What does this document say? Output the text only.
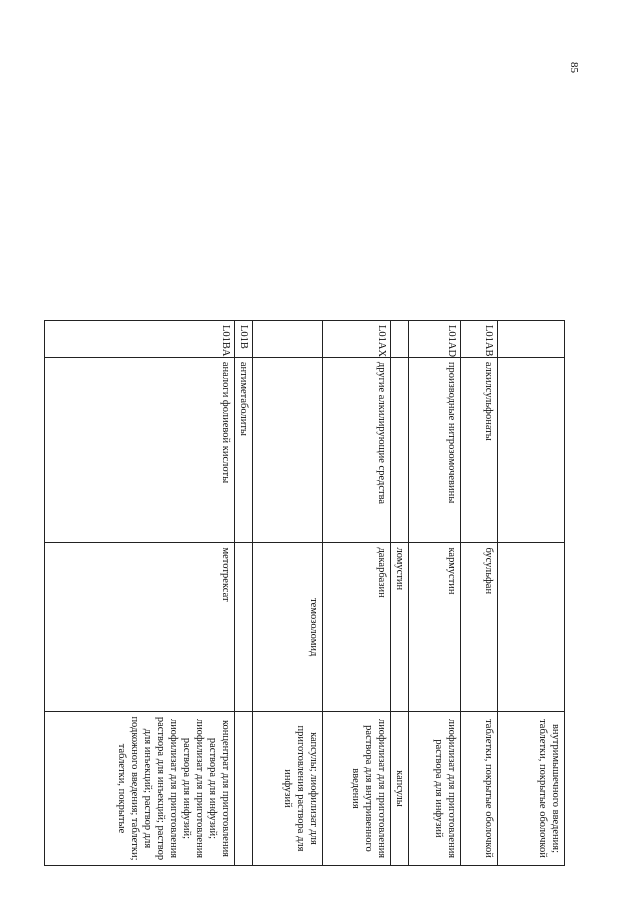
85
			внутримышечного введения; таблетки, покрытые оболочкой
L01AB	алкилсульфонаты	бусульфан	таблетки, покрытые оболочкой
L01AD	производные нитрозомочевины	кармустин	лиофилизат для приготовления раствора для инфузий
		ломустин	капсулы
L01AX	другие алкилирующие средства	дакарбазин	лиофилизат для приготовления раствора для внутривенного введения
		темозоломид	капсулы; лиофилизат для приготовления раствора для инфузий
L01B	антиметаболиты		
L01BA	аналоги фолиевой кислоты	метотрексат	концентрат для приготовления раствора для инфузий; лиофилизат для приготовления раствора для инфузий; лиофилизат для приготовления раствора для инъекций; раствор для инъекций; раствор для подкожного введения; таблетки; таблетки, покрытые
